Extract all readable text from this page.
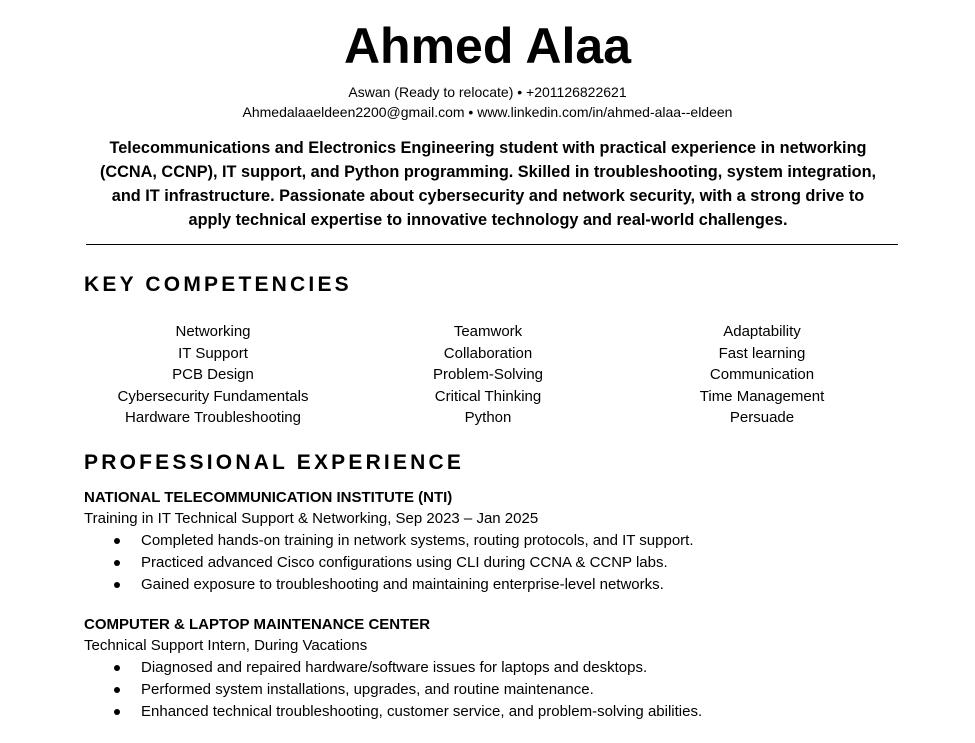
Ahmed Alaa
Aswan (Ready to relocate) • +201126822621
Ahmedalaaeldeen2200@gmail.com • www.linkedin.com/in/ahmed-alaa--eldeen
Telecommunications and Electronics Engineering student with practical experience in networking
(CCNA, CCNP), IT support, and Python programming. Skilled in troubleshooting, system integration,
and IT infrastructure. Passionate about cybersecurity and network security, with a strong drive to
apply technical expertise to innovative technology and real-world challenges.
KEY COMPETENCIES
Networking
IT Support
PCB Design
Cybersecurity Fundamentals
Hardware Troubleshooting
Teamwork
Collaboration
Problem-Solving
Critical Thinking
Python
Adaptability
Fast learning
Communication
Time Management
Persuade
PROFESSIONAL EXPERIENCE
NATIONAL TELECOMMUNICATION INSTITUTE (NTI)
Training in IT Technical Support & Networking, Sep 2023 – Jan 2025
Completed hands-on training in network systems, routing protocols, and IT support.
Practiced advanced Cisco configurations using CLI during CCNA & CCNP labs.
Gained exposure to troubleshooting and maintaining enterprise-level networks.
COMPUTER & LAPTOP MAINTENANCE CENTER
Technical Support Intern, During Vacations
Diagnosed and repaired hardware/software issues for laptops and desktops.
Performed system installations, upgrades, and routine maintenance.
Enhanced technical troubleshooting, customer service, and problem-solving abilities.
